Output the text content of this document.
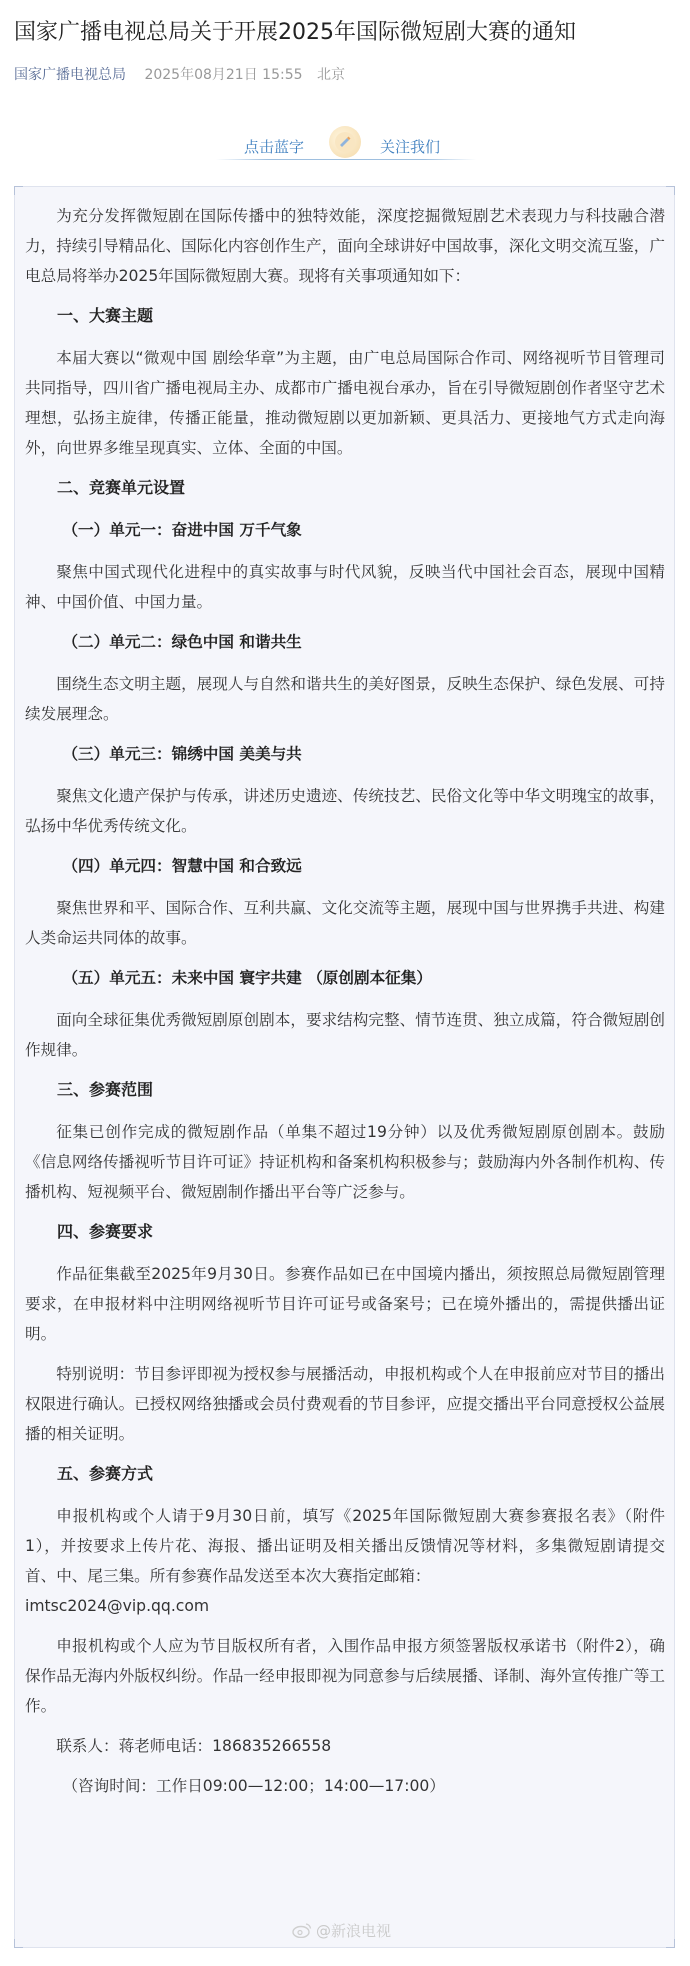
国家广播电视总局关于开展2025年国际微短剧大赛的通知
国家广播电视总局 2025年08月21日 15:55 北京
点击蓝字	关注我们

为充分发挥微短剧在国际传播中的独特效能，深度挖掘微短剧艺术表现力与科技融合潜力，持续引导精品化、国际化内容创作生产，面向全球讲好中国故事，深化文明交流互鉴，广电总局将举办2025年国际微短剧大赛。现将有关事项通知如下：

一、大赛主题

本届大赛以“微观中国 剧绘华章”为主题，由广电总局国际合作司、网络视听节目管理司共同指导，四川省广播电视局主办、成都市广播电视台承办，旨在引导微短剧创作者坚守艺术理想，弘扬主旋律，传播正能量，推动微短剧以更加新颖、更具活力、更接地气方式走向海外，向世界多维呈现真实、立体、全面的中国。

二、竞赛单元设置
（一）单元一：奋进中国 万千气象

聚焦中国式现代化进程中的真实故事与时代风貌，反映当代中国社会百态，展现中国精神、中国价值、中国力量。

（二）单元二：绿色中国 和谐共生

围绕生态文明主题，展现人与自然和谐共生的美好图景，反映生态保护、绿色发展、可持续发展理念。

（三）单元三：锦绣中国 美美与共

聚焦文化遗产保护与传承，讲述历史遗迹、传统技艺、民俗文化等中华文明瑰宝的故事，弘扬中华优秀传统文化。

（四）单元四：智慧中国 和合致远

聚焦世界和平、国际合作、互利共赢、文化交流等主题，展现中国与世界携手共进、构建人类命运共同体的故事。

（五）单元五：未来中国 寰宇共建 （原创剧本征集）

面向全球征集优秀微短剧原创剧本，要求结构完整、情节连贯、独立成篇，符合微短剧创作规律。

三、参赛范围

征集已创作完成的微短剧作品（单集不超过19分钟）以及优秀微短剧原创剧本。鼓励《信息网络传播视听节目许可证》持证机构和备案机构积极参与；鼓励海内外各制作机构、传播机构、短视频平台、微短剧制作播出平台等广泛参与。

四、参赛要求

作品征集截至2025年9月30日。参赛作品如已在中国境内播出，须按照总局微短剧管理要求，在申报材料中注明网络视听节目许可证号或备案号；已在境外播出的，需提供播出证明。

特别说明：节目参评即视为授权参与展播活动，申报机构或个人在申报前应对节目的播出权限进行确认。已授权网络独播或会员付费观看的节目参评，应提交播出平台同意授权公益展播的相关证明。

五、参赛方式

申报机构或个人请于9月30日前，填写《2025年国际微短剧大赛参赛报名表》（附件1），并按要求上传片花、海报、播出证明及相关播出反馈情况等材料，多集微短剧请提交首、中、尾三集。所有参赛作品发送至本次大赛指定邮箱：

imtsc2024@vip.qq.com

申报机构或个人应为节目版权所有者，入围作品申报方须签署版权承诺书（附件2），确保作品无海内外版权纠纷。作品一经申报即视为同意参与后续展播、译制、海外宣传推广等工作。

联系人：蒋老师电话：186835266558

（咨询时间：工作日09:00—12:00；14:00—17:00）

@新浪电视
